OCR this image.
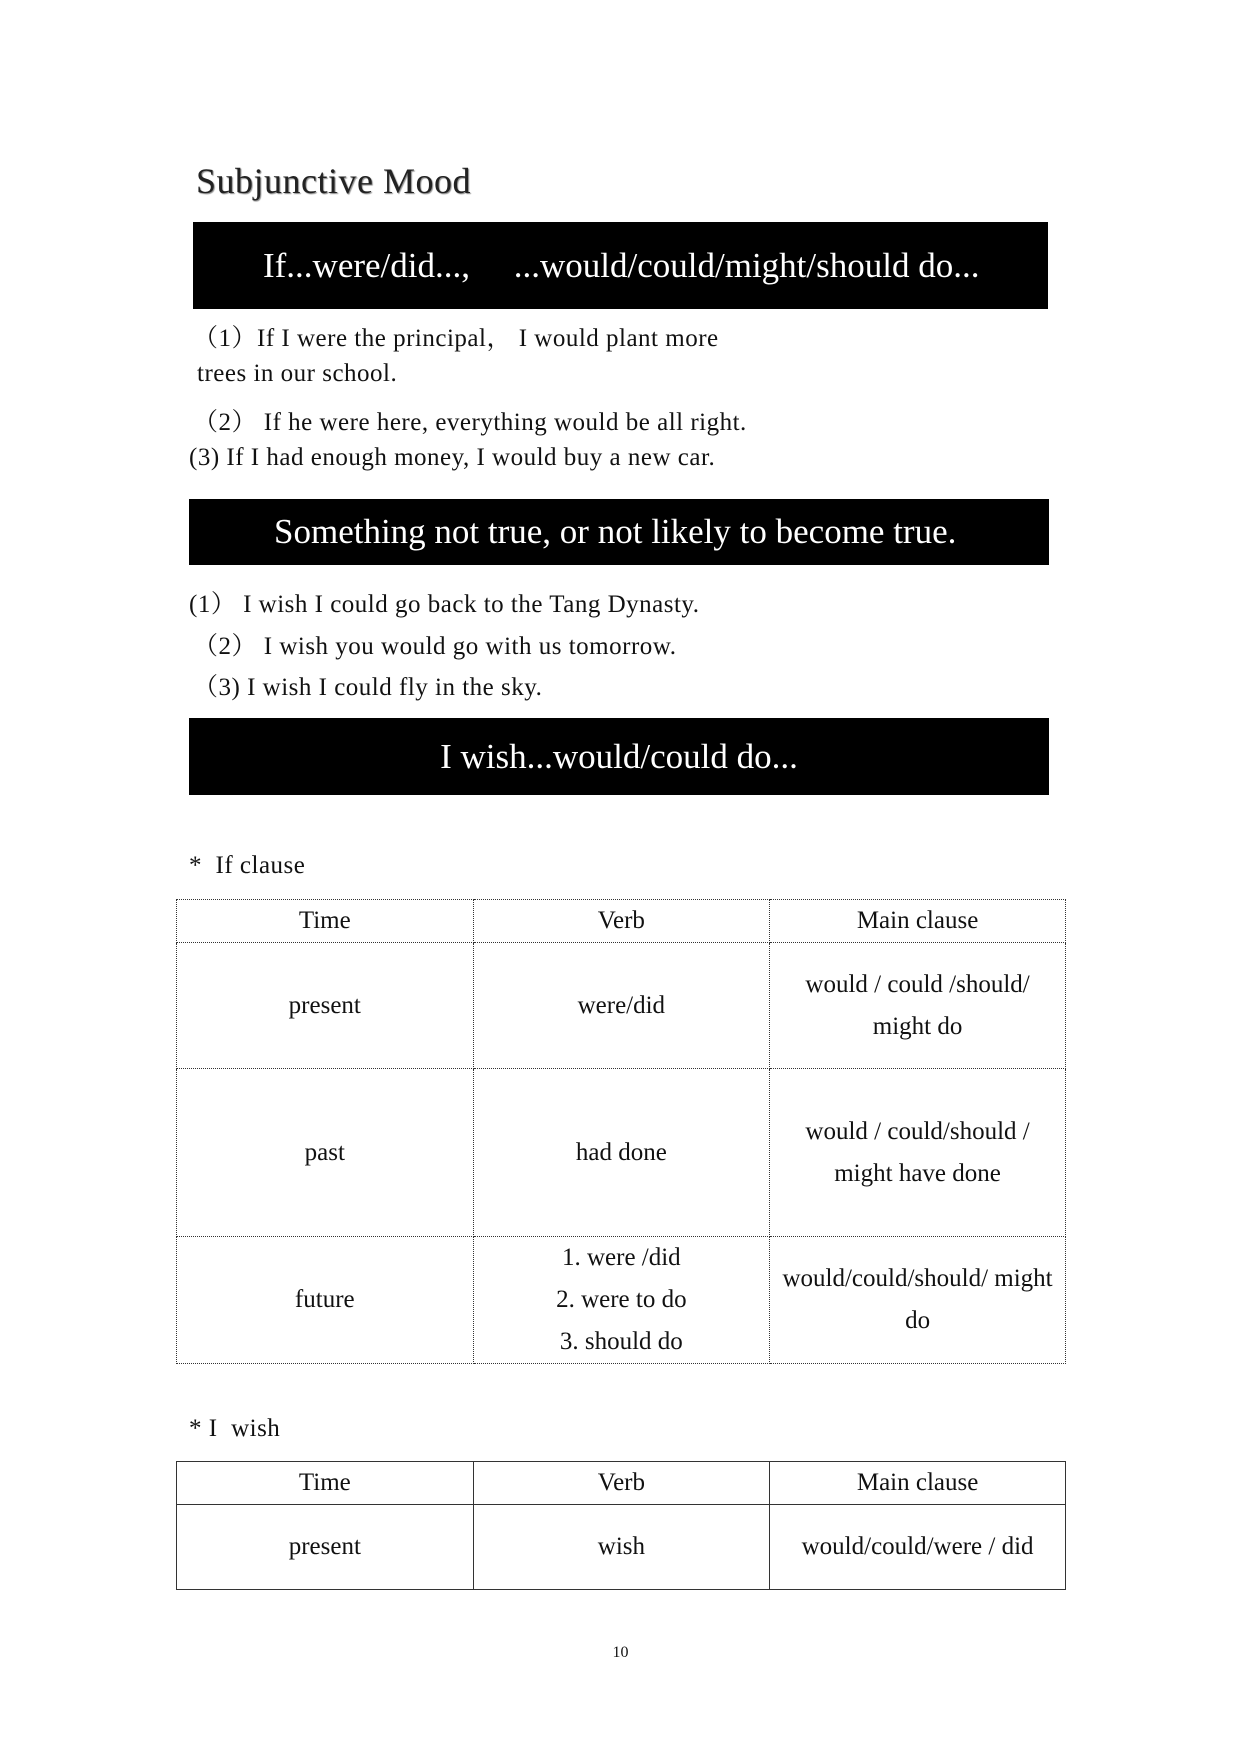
Subjunctive Mood
If...were/did...,     ...would/could/might/should do...
（1）If I were the principal， I would plant more
trees in our school.
（2） If he were here, everything would be all right.
(3) If I had enough money, I would buy a new car.
Something not true, or not likely to become true.
(1） I wish I could go back to the Tang Dynasty.
（2） I wish you would go with us tomorrow.
（3) I wish I could fly in the sky.
I wish...would/could do...
*  If clause
Time	Verb	Main clause
present	were/did	would / could /should/ might do
past	had done	would / could/should / might have done
future	1. were /did
2. were to do
3. should do	would/could/should/ might do
* I  wish
Time	Verb	Main clause
present	wish	would/could/were / did
10
